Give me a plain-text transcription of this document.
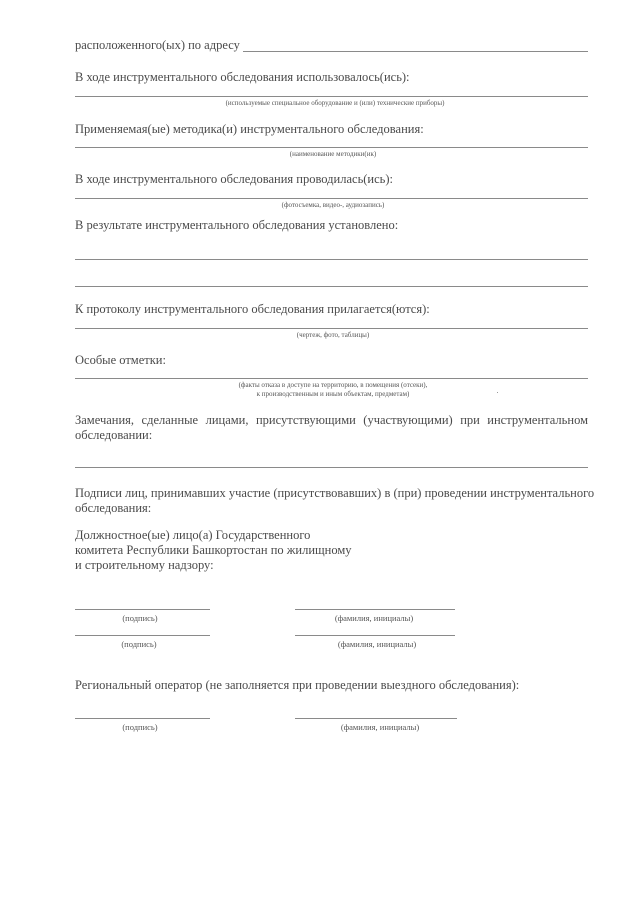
расположенного(ых) по адресу
В ходе инструментального обследования использовалось(ись):
(используемые специальное оборудование и (или) технические приборы)
Применяемая(ые) методика(и) инструментального обследования:
(наименование методики(ик)
В ходе инструментального обследования проводилась(ись):
(фотосъемка, видео-, аудиозапись)
В результате инструментального обследования установлено:
К протоколу инструментального обследования прилагается(ются):
(чертеж, фото, таблицы)
Особые отметки:
(факты отказа в доступе на территорию, в помещения (отсеки),
к производственным и иным объектам, предметам)
Замечания, сделанные лицами, присутствующими (участвующими) при инструментальном
обследовании:
Подписи лиц, принимавших участие (присутствовавших) в (при) проведении инструментального
обследования:
Должностное(ые) лицо(а) Государственного
комитета Республики Башкортостан по жилищному
и строительному надзору:
(подпись)	(фамилия, инициалы)
(подпись)	(фамилия, инициалы)
Региональный оператор (не заполняется при проведении выездного обследования):
(подпись)	(фамилия, инициалы)
